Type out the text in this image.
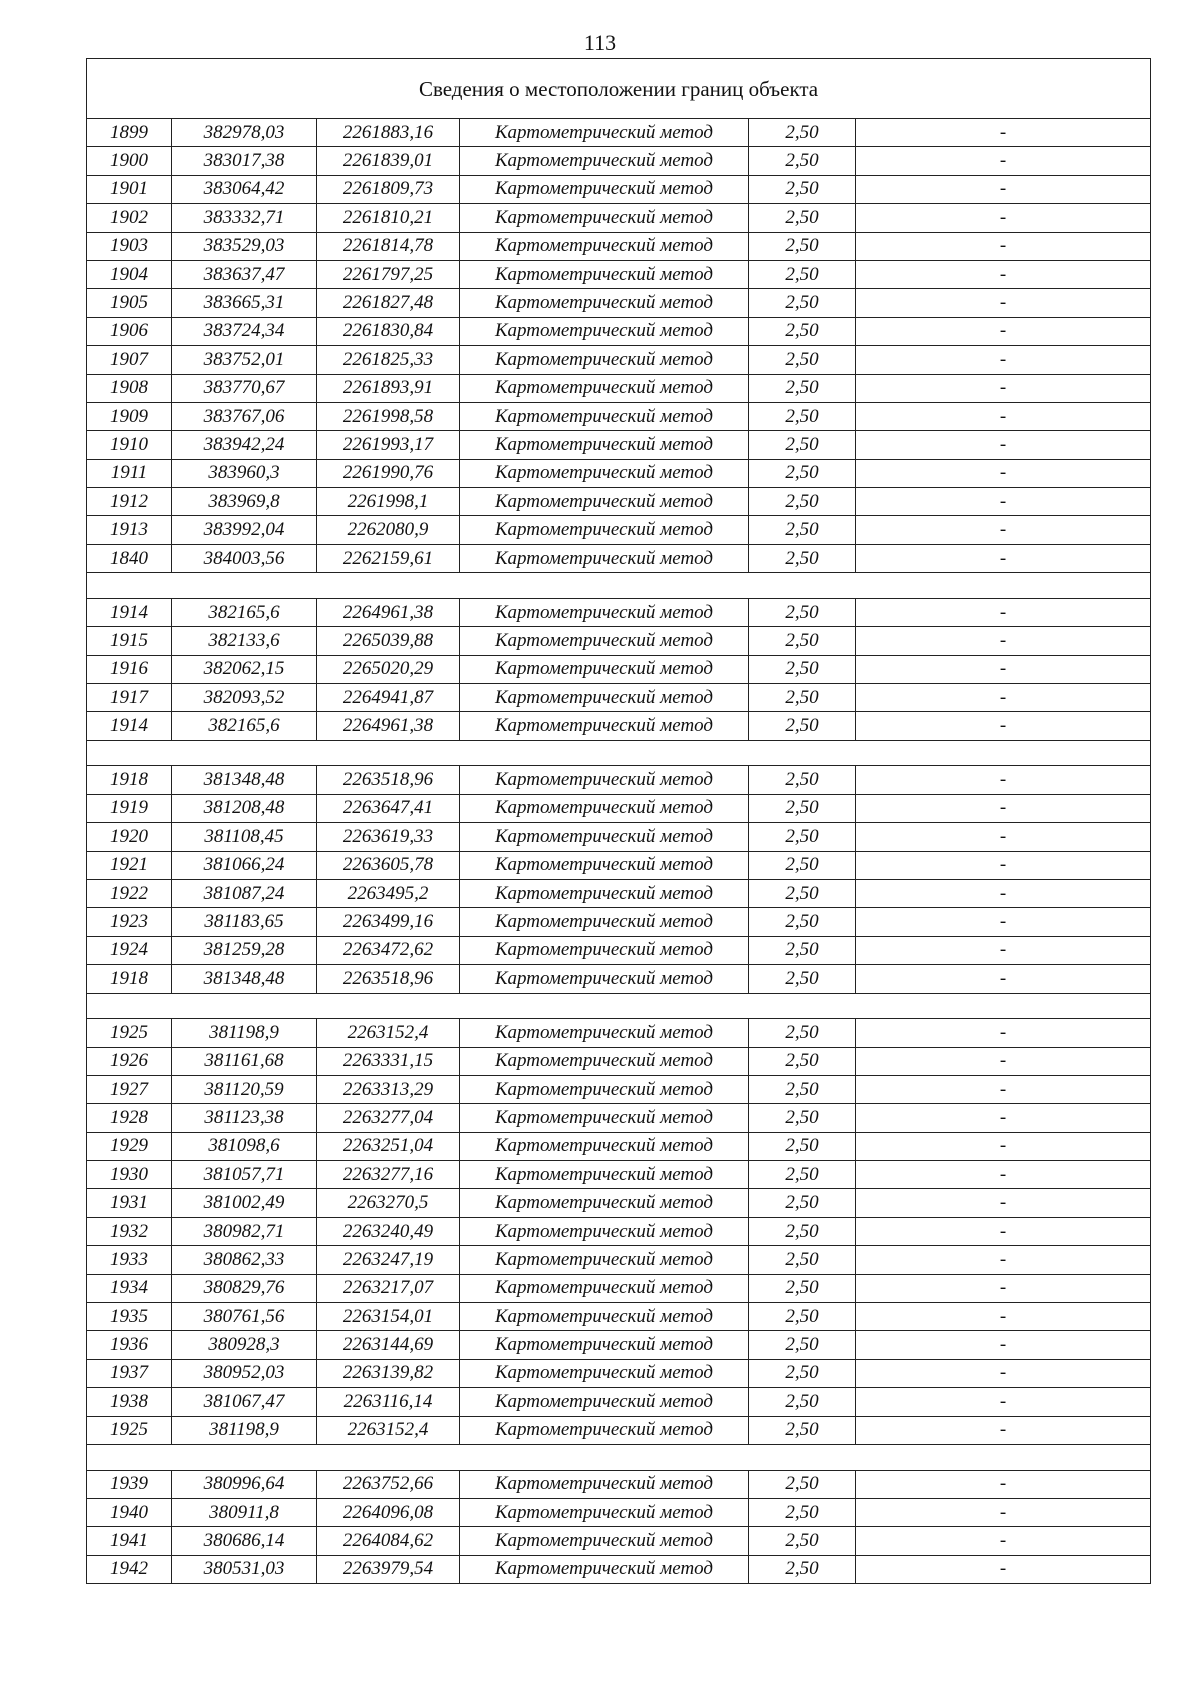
113
Сведения о местоположении границ объекта					
1899	382978,03	2261883,16	Картометрический метод	2,50	-
1900	383017,38	2261839,01	Картометрический метод	2,50	-
1901	383064,42	2261809,73	Картометрический метод	2,50	-
1902	383332,71	2261810,21	Картометрический метод	2,50	-
1903	383529,03	2261814,78	Картометрический метод	2,50	-
1904	383637,47	2261797,25	Картометрический метод	2,50	-
1905	383665,31	2261827,48	Картометрический метод	2,50	-
1906	383724,34	2261830,84	Картометрический метод	2,50	-
1907	383752,01	2261825,33	Картометрический метод	2,50	-
1908	383770,67	2261893,91	Картометрический метод	2,50	-
1909	383767,06	2261998,58	Картометрический метод	2,50	-
1910	383942,24	2261993,17	Картометрический метод	2,50	-
1911	383960,3	2261990,76	Картометрический метод	2,50	-
1912	383969,8	2261998,1	Картометрический метод	2,50	-
1913	383992,04	2262080,9	Картометрический метод	2,50	-
1840	384003,56	2262159,61	Картометрический метод	2,50	-

1914	382165,6	2264961,38	Картометрический метод	2,50	-
1915	382133,6	2265039,88	Картометрический метод	2,50	-
1916	382062,15	2265020,29	Картометрический метод	2,50	-
1917	382093,52	2264941,87	Картометрический метод	2,50	-
1914	382165,6	2264961,38	Картометрический метод	2,50	-

1918	381348,48	2263518,96	Картометрический метод	2,50	-
1919	381208,48	2263647,41	Картометрический метод	2,50	-
1920	381108,45	2263619,33	Картометрический метод	2,50	-
1921	381066,24	2263605,78	Картометрический метод	2,50	-
1922	381087,24	2263495,2	Картометрический метод	2,50	-
1923	381183,65	2263499,16	Картометрический метод	2,50	-
1924	381259,28	2263472,62	Картометрический метод	2,50	-
1918	381348,48	2263518,96	Картометрический метод	2,50	-

1925	381198,9	2263152,4	Картометрический метод	2,50	-
1926	381161,68	2263331,15	Картометрический метод	2,50	-
1927	381120,59	2263313,29	Картометрический метод	2,50	-
1928	381123,38	2263277,04	Картометрический метод	2,50	-
1929	381098,6	2263251,04	Картометрический метод	2,50	-
1930	381057,71	2263277,16	Картометрический метод	2,50	-
1931	381002,49	2263270,5	Картометрический метод	2,50	-
1932	380982,71	2263240,49	Картометрический метод	2,50	-
1933	380862,33	2263247,19	Картометрический метод	2,50	-
1934	380829,76	2263217,07	Картометрический метод	2,50	-
1935	380761,56	2263154,01	Картометрический метод	2,50	-
1936	380928,3	2263144,69	Картометрический метод	2,50	-
1937	380952,03	2263139,82	Картометрический метод	2,50	-
1938	381067,47	2263116,14	Картометрический метод	2,50	-
1925	381198,9	2263152,4	Картометрический метод	2,50	-

1939	380996,64	2263752,66	Картометрический метод	2,50	-
1940	380911,8	2264096,08	Картометрический метод	2,50	-
1941	380686,14	2264084,62	Картометрический метод	2,50	-
1942	380531,03	2263979,54	Картометрический метод	2,50	-
